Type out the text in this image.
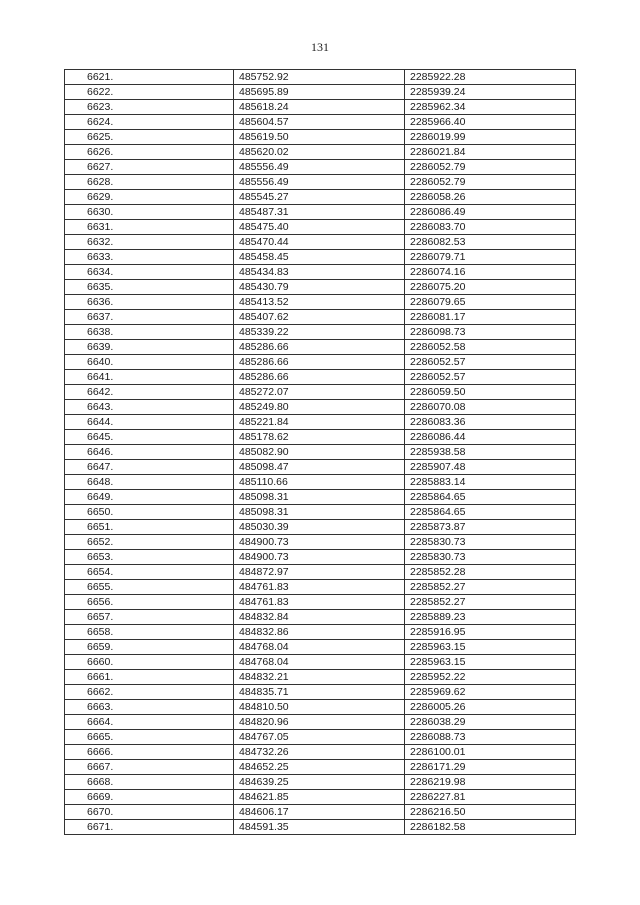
131
6621.	485752.92	2285922.28
6622.	485695.89	2285939.24
6623.	485618.24	2285962.34
6624.	485604.57	2285966.40
6625.	485619.50	2286019.99
6626.	485620.02	2286021.84
6627.	485556.49	2286052.79
6628.	485556.49	2286052.79
6629.	485545.27	2286058.26
6630.	485487.31	2286086.49
6631.	485475.40	2286083.70
6632.	485470.44	2286082.53
6633.	485458.45	2286079.71
6634.	485434.83	2286074.16
6635.	485430.79	2286075.20
6636.	485413.52	2286079.65
6637.	485407.62	2286081.17
6638.	485339.22	2286098.73
6639.	485286.66	2286052.58
6640.	485286.66	2286052.57
6641.	485286.66	2286052.57
6642.	485272.07	2286059.50
6643.	485249.80	2286070.08
6644.	485221.84	2286083.36
6645.	485178.62	2286086.44
6646.	485082.90	2285938.58
6647.	485098.47	2285907.48
6648.	485110.66	2285883.14
6649.	485098.31	2285864.65
6650.	485098.31	2285864.65
6651.	485030.39	2285873.87
6652.	484900.73	2285830.73
6653.	484900.73	2285830.73
6654.	484872.97	2285852.28
6655.	484761.83	2285852.27
6656.	484761.83	2285852.27
6657.	484832.84	2285889.23
6658.	484832.86	2285916.95
6659.	484768.04	2285963.15
6660.	484768.04	2285963.15
6661.	484832.21	2285952.22
6662.	484835.71	2285969.62
6663.	484810.50	2286005.26
6664.	484820.96	2286038.29
6665.	484767.05	2286088.73
6666.	484732.26	2286100.01
6667.	484652.25	2286171.29
6668.	484639.25	2286219.98
6669.	484621.85	2286227.81
6670.	484606.17	2286216.50
6671.	484591.35	2286182.58
